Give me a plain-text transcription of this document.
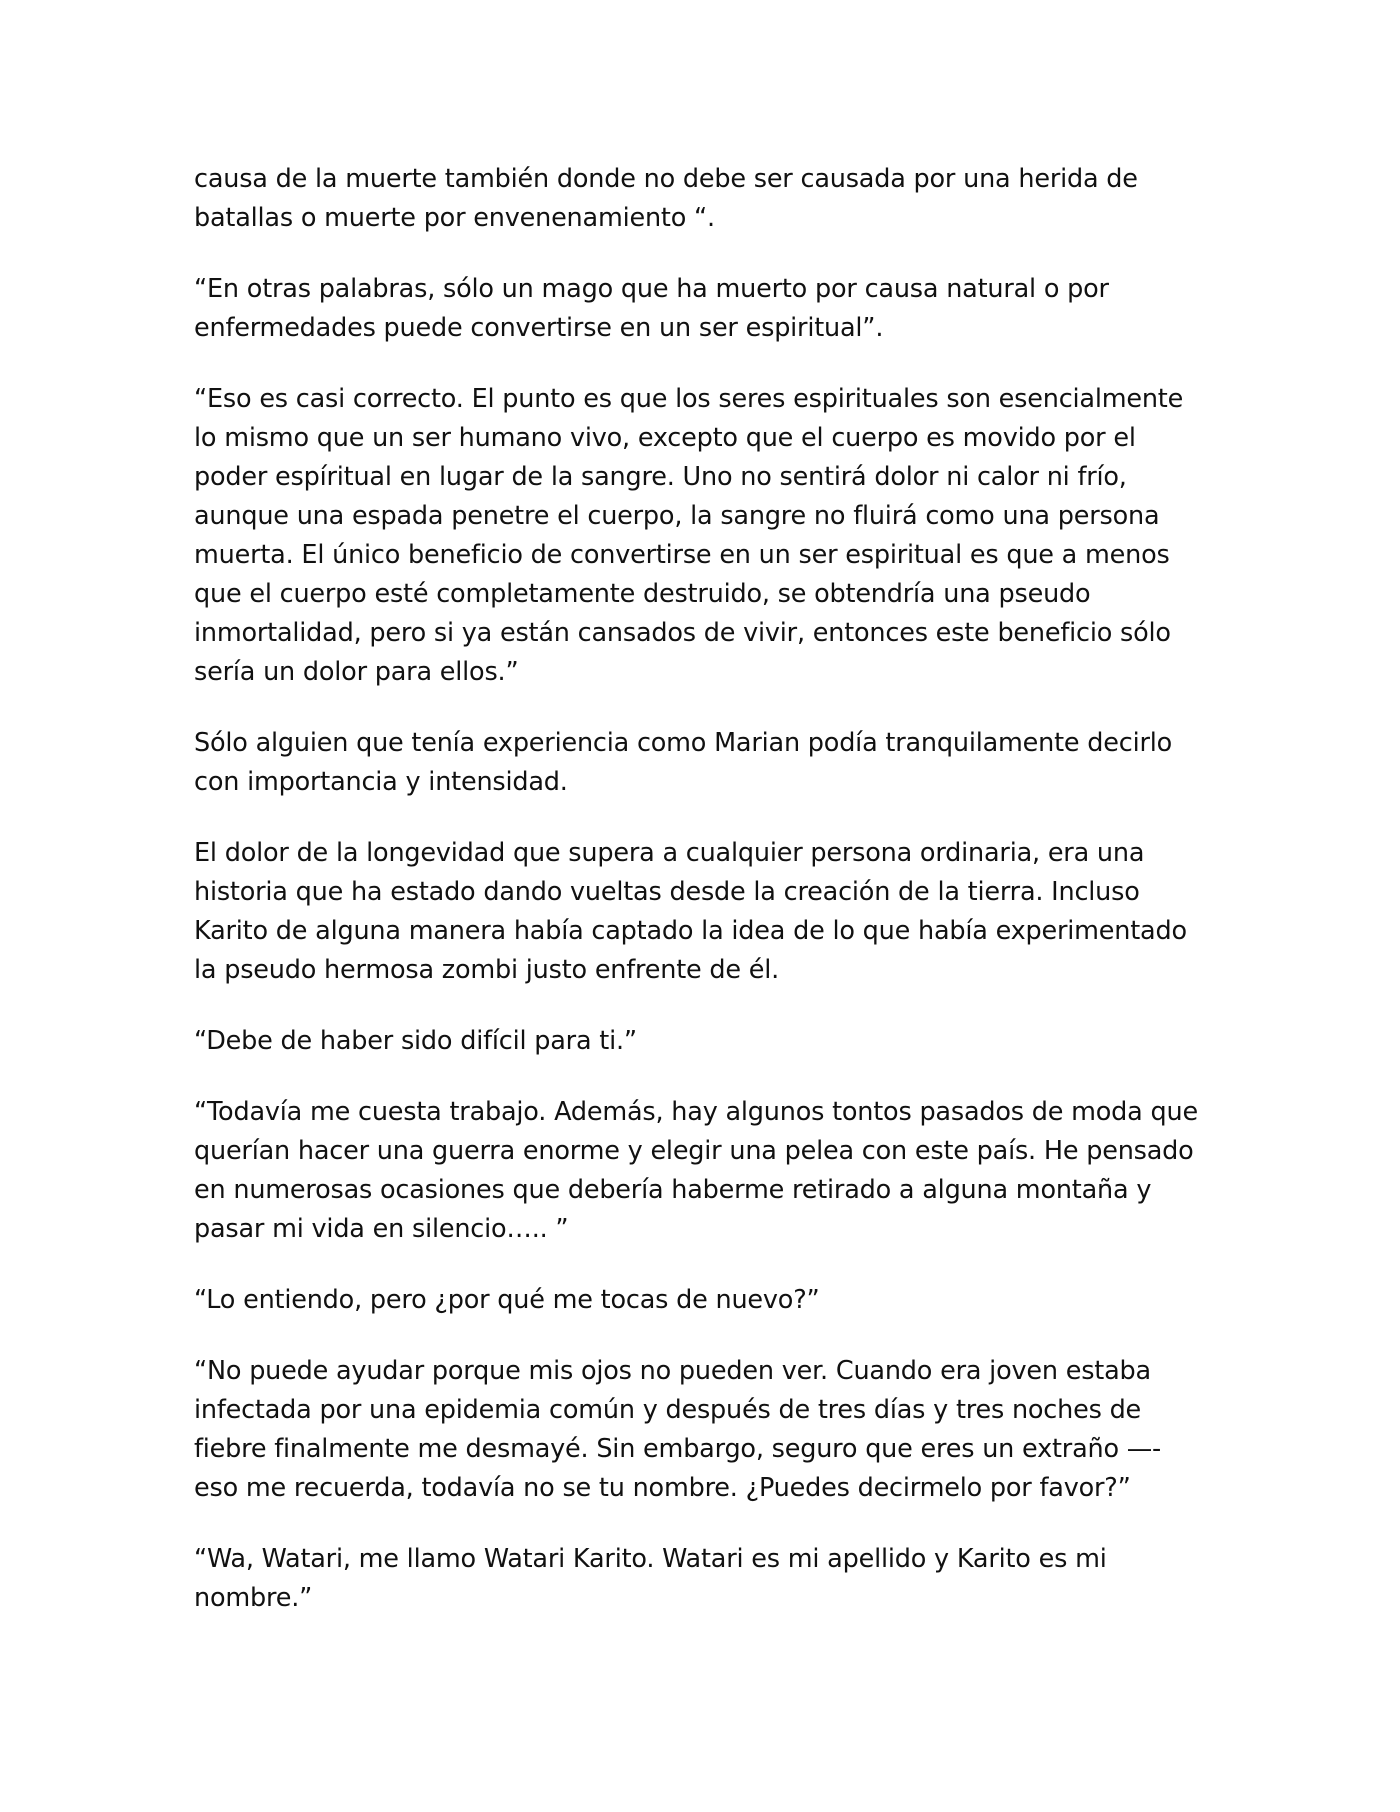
causa de la muerte también donde no debe ser causada por una herida de batallas o muerte por envenenamiento “.

“En otras palabras, sólo un mago que ha muerto por causa natural o por enfermedades puede convertirse en un ser espiritual”.

“Eso es casi correcto. El punto es que los seres espirituales son esencialmente lo mismo que un ser humano vivo, excepto que el cuerpo es movido por el poder espíritual en lugar de la sangre. Uno no sentirá dolor ni calor ni frío, aunque una espada penetre el cuerpo, la sangre no fluirá como una persona muerta. El único beneficio de convertirse en un ser espiritual es que a menos que el cuerpo esté completamente destruido, se obtendría una pseudo inmortalidad, pero si ya están cansados de vivir, entonces este beneficio sólo sería un dolor para ellos.”

Sólo alguien que tenía experiencia como Marian podía tranquilamente decirlo con importancia y intensidad.

El dolor de la longevidad que supera a cualquier persona ordinaria, era una historia que ha estado dando vueltas desde la creación de la tierra. Incluso Karito de alguna manera había captado la idea de lo que había experimentado la pseudo hermosa zombi justo enfrente de él.

“Debe de haber sido difícil para ti.”

“Todavía me cuesta trabajo. Además, hay algunos tontos pasados de moda que querían hacer una guerra enorme y elegir una pelea con este país. He pensado en numerosas ocasiones que debería haberme retirado a alguna montaña y pasar mi vida en silencio….. ”

“Lo entiendo, pero ¿por qué me tocas de nuevo?”

“No puede ayudar porque mis ojos no pueden ver. Cuando era joven estaba infectada por una epidemia común y después de tres días y tres noches de fiebre finalmente me desmayé. Sin embargo, seguro que eres un extraño —- eso me recuerda, todavía no se tu nombre. ¿Puedes decirmelo por favor?”

“Wa, Watari, me llamo Watari Karito. Watari es mi apellido y Karito es mi nombre.”
